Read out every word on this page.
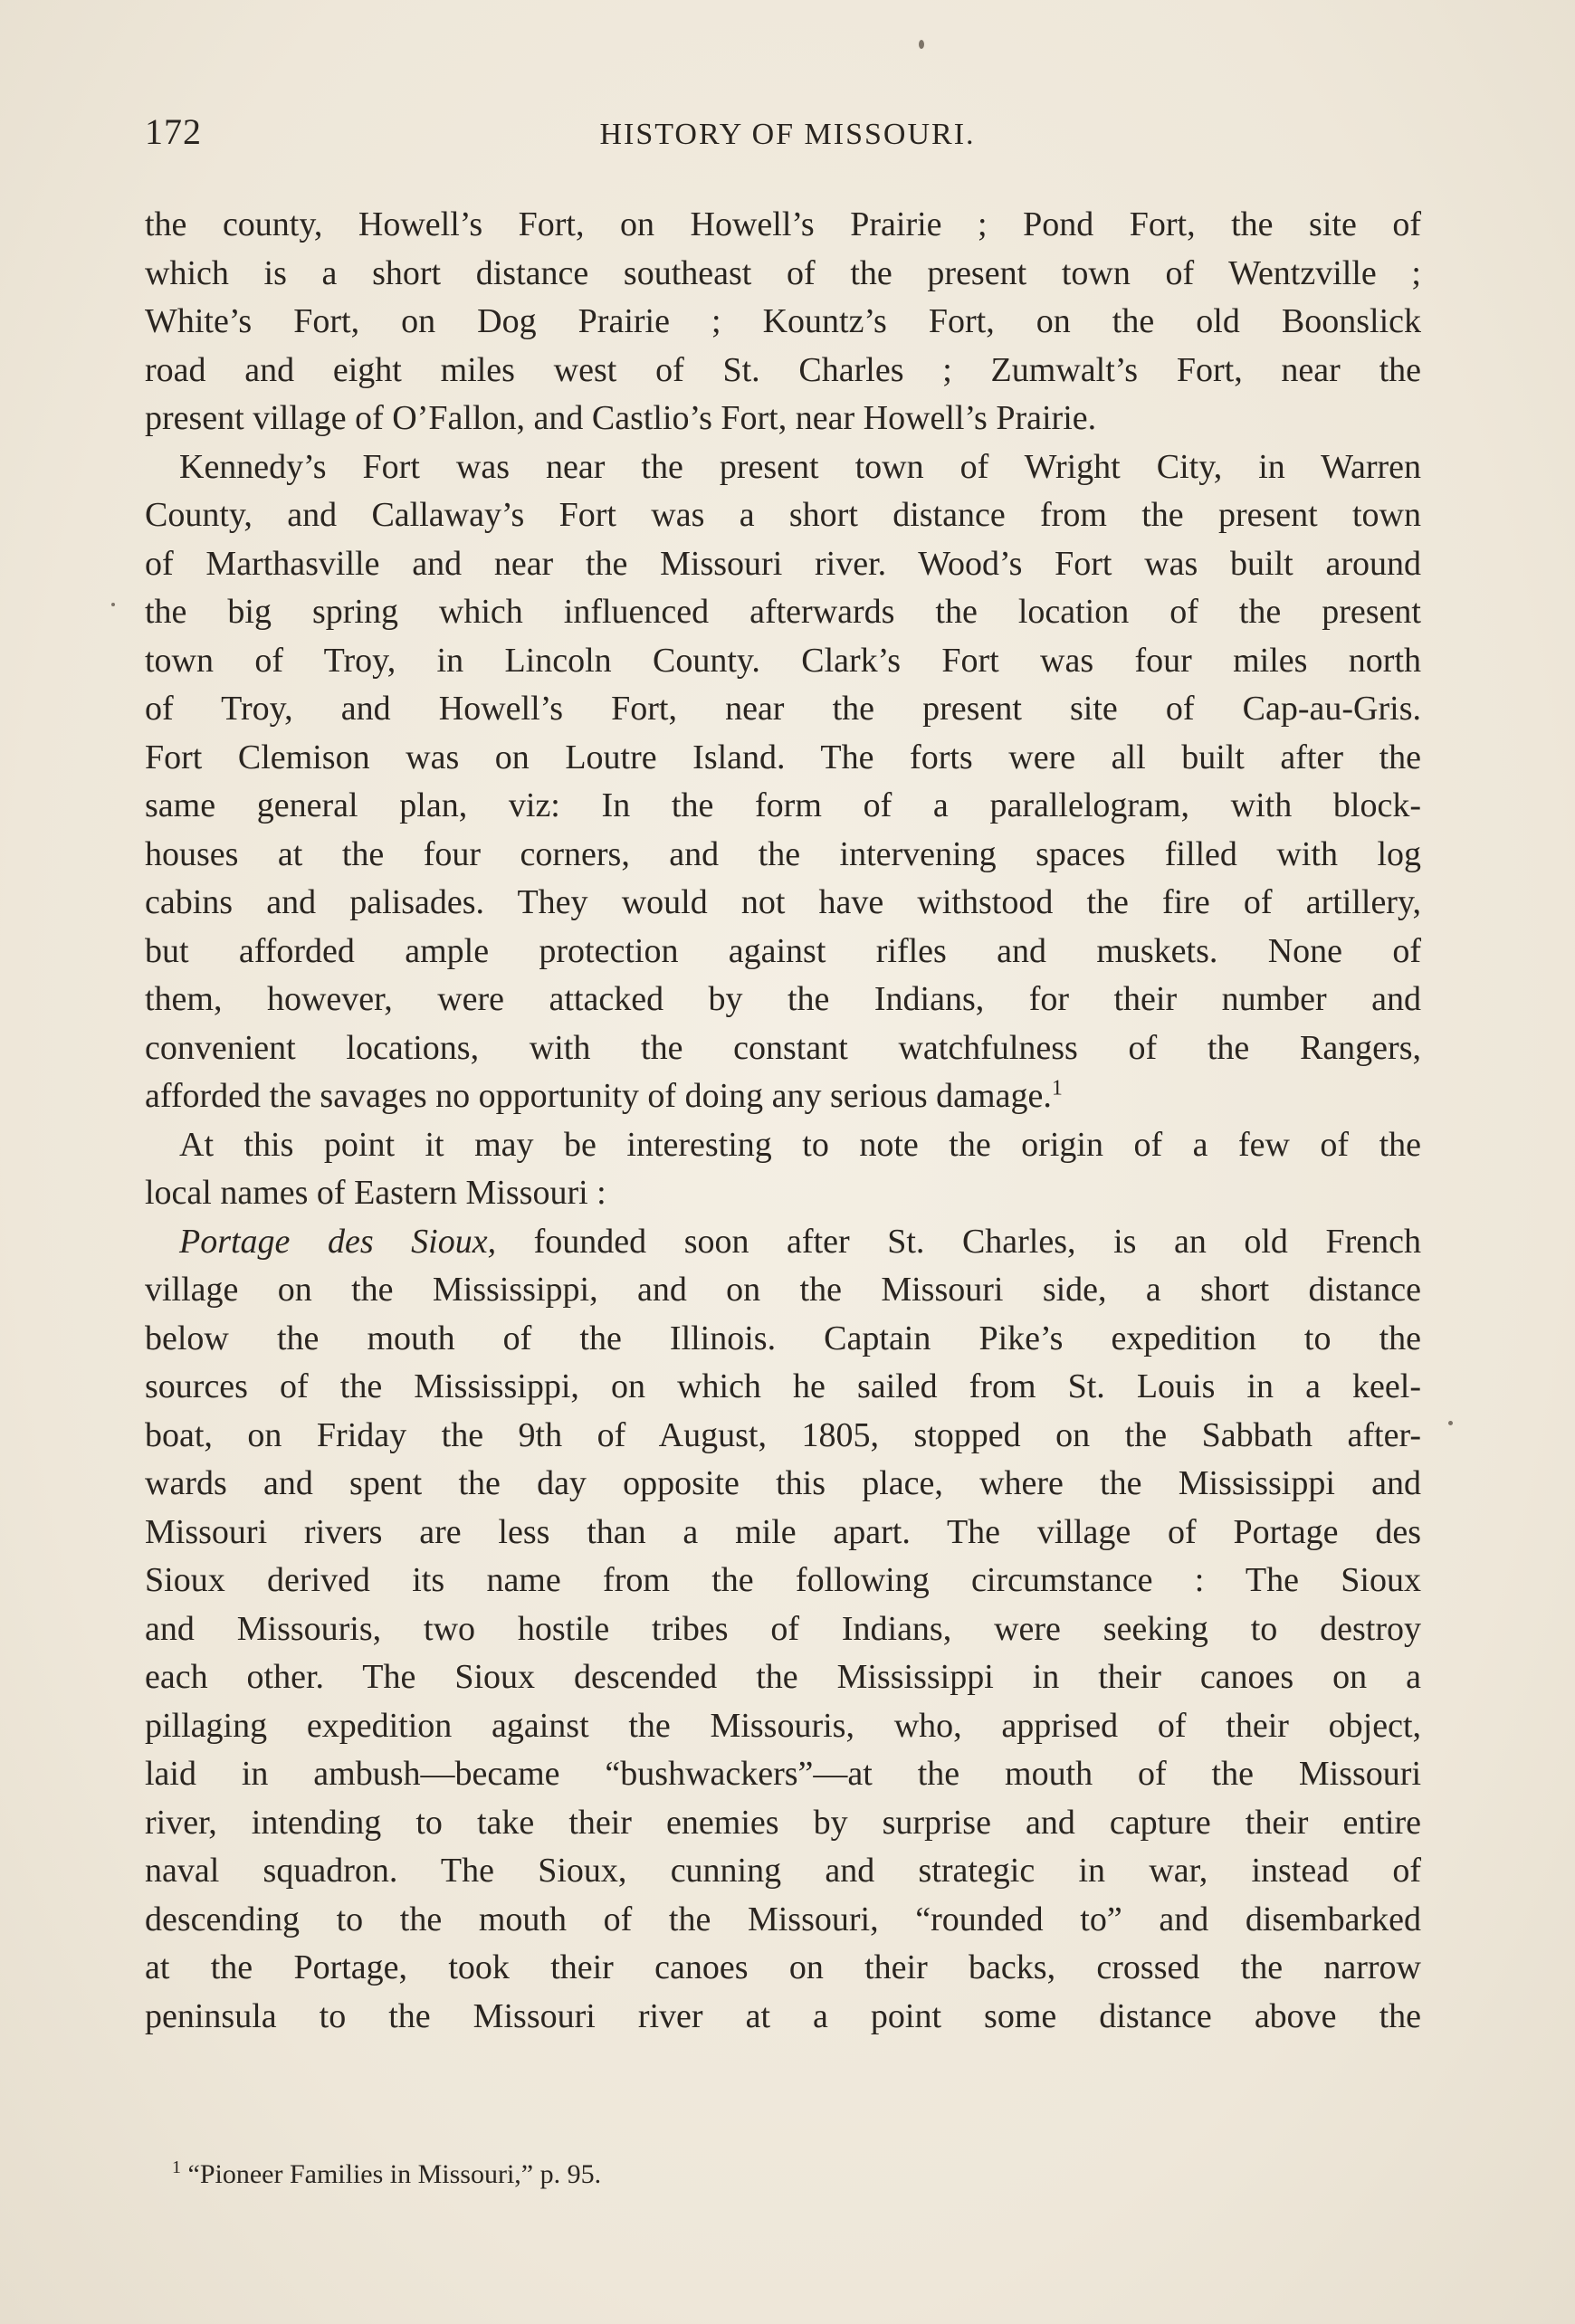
172	HISTORY OF MISSOURI.
the county, Howell’s Fort, on Howell’s Prairie ; Pond Fort, the site of
which is a short distance southeast of the present town of Wentzville ;
White’s Fort, on Dog Prairie ; Kountz’s Fort, on the old Boonslick
road and eight miles west of St. Charles ; Zumwalt’s Fort, near the
present village of O’Fallon, and Castlio’s Fort, near Howell’s Prairie.
Kennedy’s Fort was near the present town of Wright City, in Warren
County, and Callaway’s Fort was a short distance from the present town
of Marthasville and near the Missouri river. Wood’s Fort was built around
the big spring which influenced afterwards the location of the present
town of Troy, in Lincoln County. Clark’s Fort was four miles north
of Troy, and Howell’s Fort, near the present site of Cap-au-Gris.
Fort Clemison was on Loutre Island. The forts were all built after the
same general plan, viz: In the form of a parallelogram, with block-
houses at the four corners, and the intervening spaces filled with log
cabins and palisades. They would not have withstood the fire of artillery,
but afforded ample protection against rifles and muskets. None of
them, however, were attacked by the Indians, for their number and
convenient locations, with the constant watchfulness of the Rangers,
afforded the savages no opportunity of doing any serious damage.$^1$
At this point it may be interesting to note the origin of a few of the
local names of Eastern Missouri :
Portage des Sioux, founded soon after St. Charles, is an old French
village on the Mississippi, and on the Missouri side, a short distance
below the mouth of the Illinois. Captain Pike’s expedition to the
sources of the Mississippi, on which he sailed from St. Louis in a keel-
boat, on Friday the 9th of August, 1805, stopped on the Sabbath after-
wards and spent the day opposite this place, where the Mississippi and
Missouri rivers are less than a mile apart. The village of Portage des
Sioux derived its name from the following circumstance : The Sioux
and Missouris, two hostile tribes of Indians, were seeking to destroy
each other. The Sioux descended the Mississippi in their canoes on a
pillaging expedition against the Missouris, who, apprised of their object,
laid in ambush—became “bushwackers”—at the mouth of the Missouri
river, intending to take their enemies by surprise and capture their entire
naval squadron. The Sioux, cunning and strategic in war, instead of
descending to the mouth of the Missouri, “rounded to” and disembarked
at the Portage, took their canoes on their backs, crossed the narrow
peninsula to the Missouri river at a point some distance above the
$^1$ “Pioneer Families in Missouri,” p. 95.
